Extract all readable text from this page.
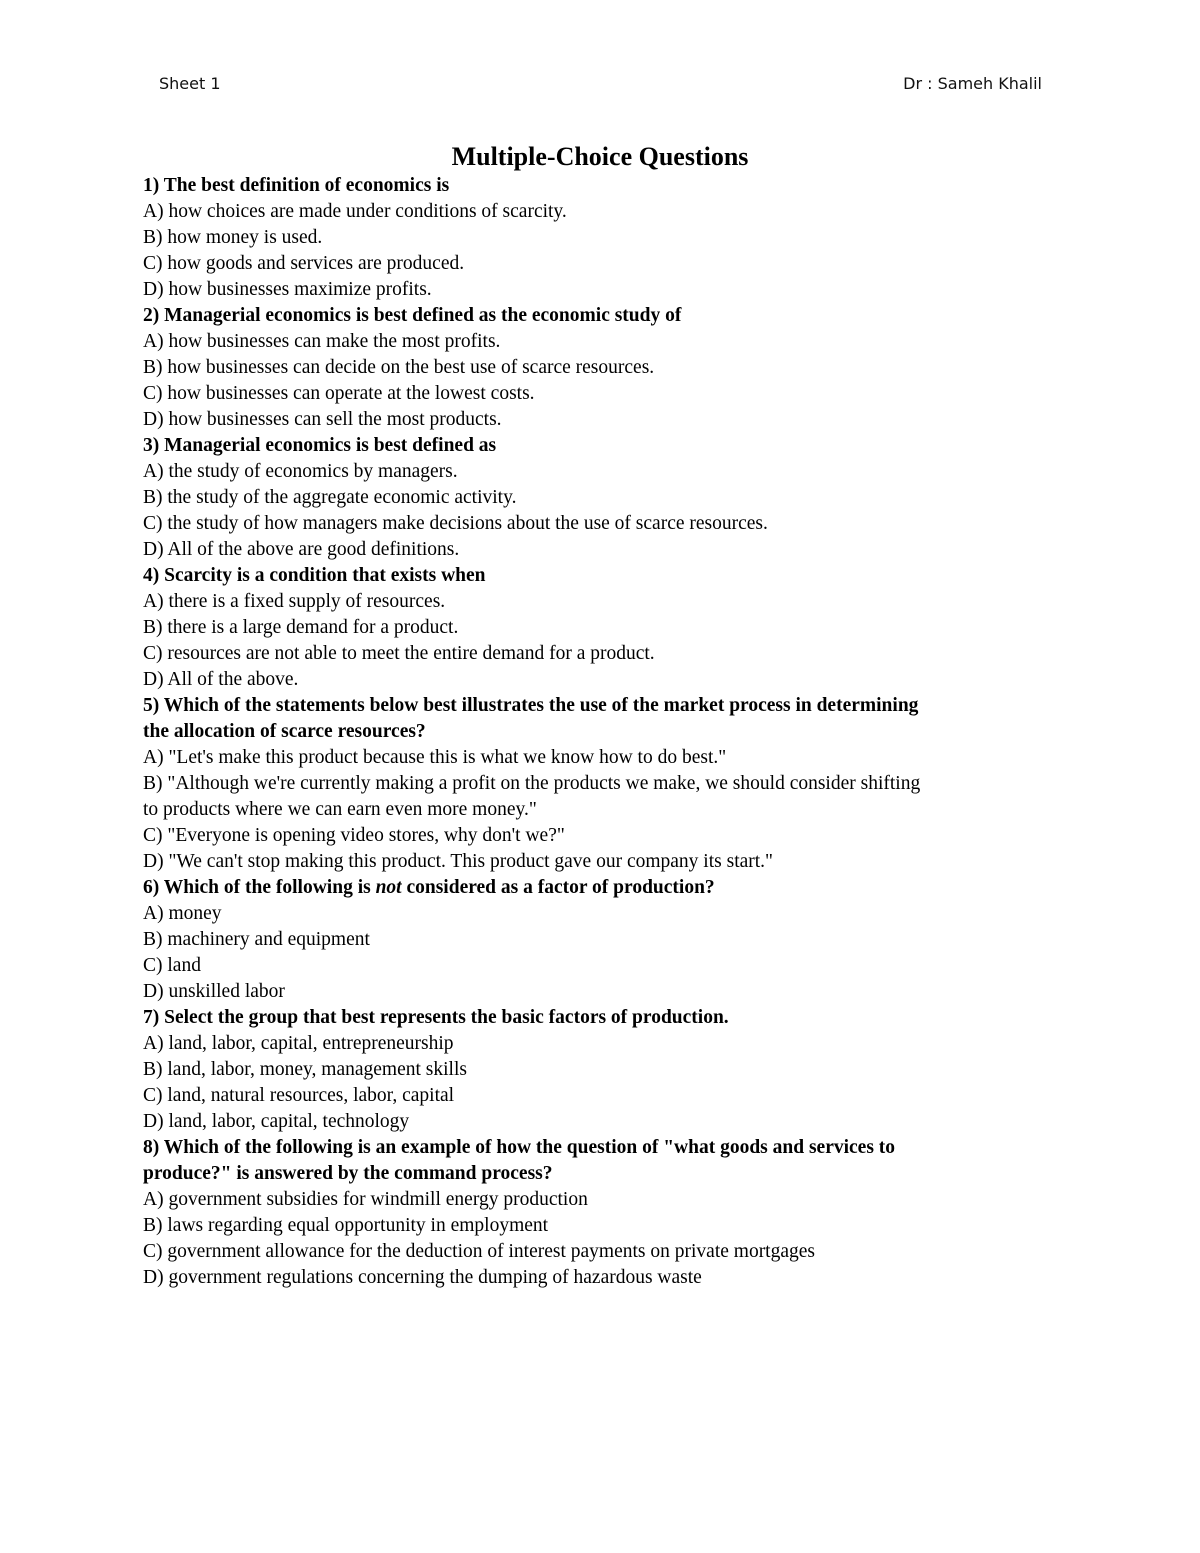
Sheet 1	Dr : Sameh Khalil
Multiple-Choice Questions
1) The best definition of economics is
A) how choices are made under conditions of scarcity.
B) how money is used.
C) how goods and services are produced.
D) how businesses maximize profits.
2) Managerial economics is best defined as the economic study of
A) how businesses can make the most profits.
B) how businesses can decide on the best use of scarce resources.
C) how businesses can operate at the lowest costs.
D) how businesses can sell the most products.
3) Managerial economics is best defined as
A) the study of economics by managers.
B) the study of the aggregate economic activity.
C) the study of how managers make decisions about the use of scarce resources.
D) All of the above are good definitions.
4) Scarcity is a condition that exists when
A) there is a fixed supply of resources.
B) there is a large demand for a product.
C) resources are not able to meet the entire demand for a product.
D) All of the above.
5) Which of the statements below best illustrates the use of the market process in determining
the allocation of scarce resources?
A) "Let's make this product because this is what we know how to do best."
B) "Although we're currently making a profit on the products we make, we should consider shifting
to products where we can earn even more money."
C) "Everyone is opening video stores, why don't we?"
D) "We can't stop making this product. This product gave our company its start."
6) Which of the following is not considered as a factor of production?
A) money
B) machinery and equipment
C) land
D) unskilled labor
7) Select the group that best represents the basic factors of production.
A) land, labor, capital, entrepreneurship
B) land, labor, money, management skills
C) land, natural resources, labor, capital
D) land, labor, capital, technology
8) Which of the following is an example of how the question of "what goods and services to
produce?" is answered by the command process?
A) government subsidies for windmill energy production
B) laws regarding equal opportunity in employment
C) government allowance for the deduction of interest payments on private mortgages
D) government regulations concerning the dumping of hazardous waste
